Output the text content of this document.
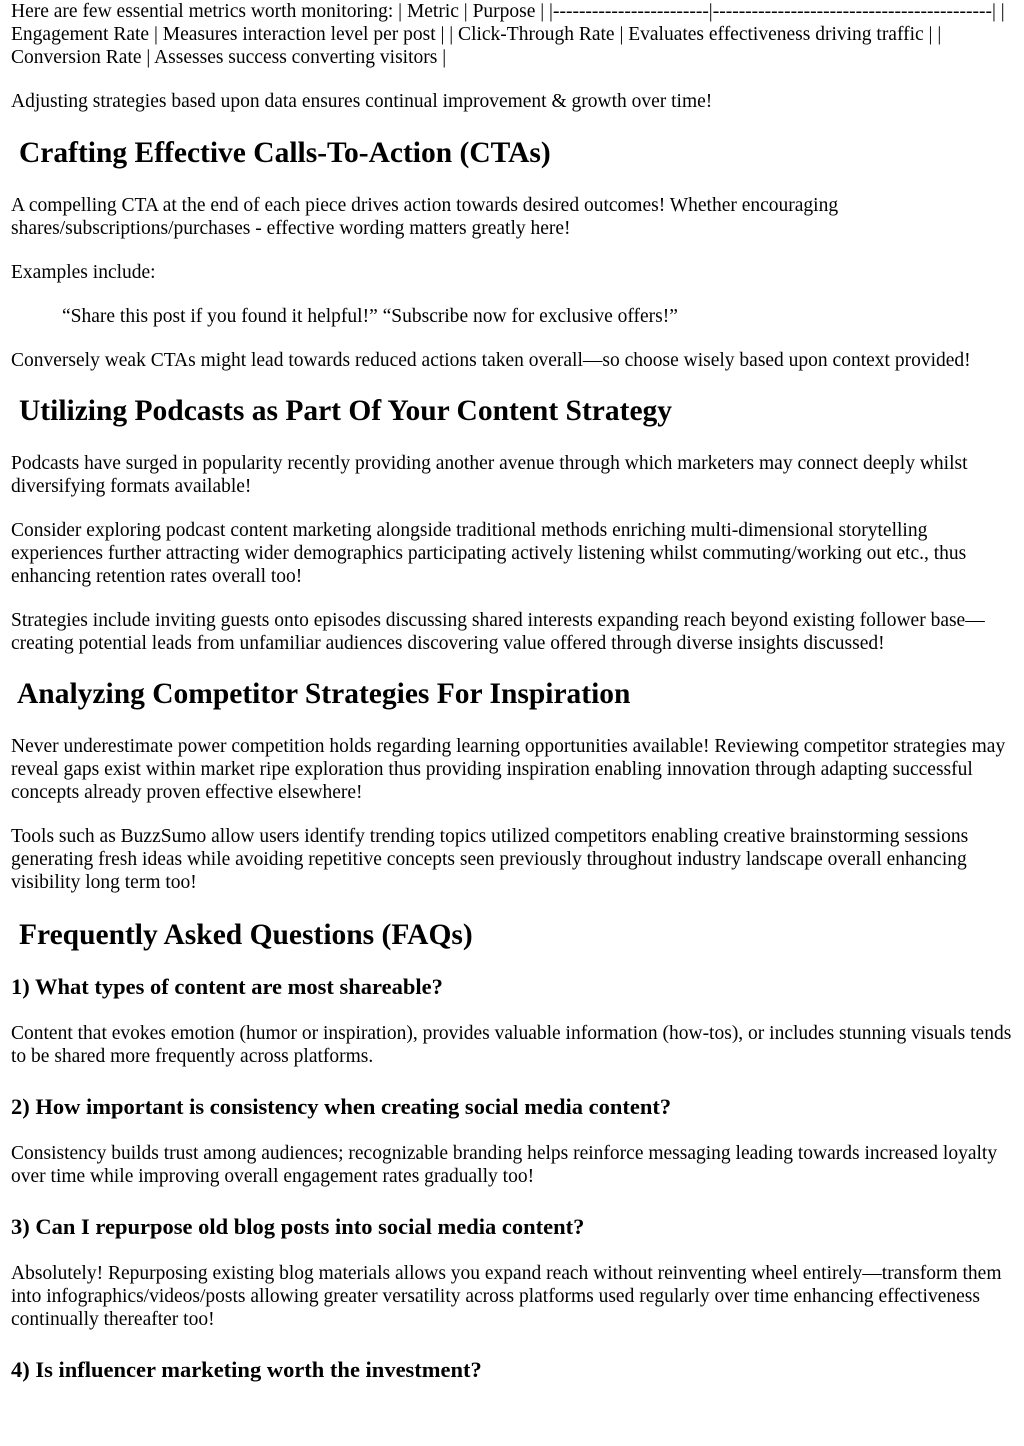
Here are few essential metrics worth monitoring: | Metric | Purpose | |------------------------|-------------------------------------------| | Engagement Rate | Measures interaction level per post | | Click-Through Rate | Evaluates effectiveness driving traffic | | Conversion Rate | Assesses success converting visitors |

Adjusting strategies based upon data ensures continual improvement & growth over time!

Crafting Effective Calls-To-Action (CTAs)

A compelling CTA at the end of each piece drives action towards desired outcomes! Whether encouraging shares/subscriptions/purchases - effective wording matters greatly here!

Examples include:

“Share this post if you found it helpful!” “Subscribe now for exclusive offers!”

Conversely weak CTAs might lead towards reduced actions taken overall—so choose wisely based upon context provided!

Utilizing Podcasts as Part Of Your Content Strategy

Podcasts have surged in popularity recently providing another avenue through which marketers may connect deeply whilst diversifying formats available!

Consider exploring podcast content marketing alongside traditional methods enriching multi-dimensional storytelling experiences further attracting wider demographics participating actively listening whilst commuting/working out etc., thus enhancing retention rates overall too!

Strategies include inviting guests onto episodes discussing shared interests expanding reach beyond existing follower base—creating potential leads from unfamiliar audiences discovering value offered through diverse insights discussed!

Analyzing Competitor Strategies For Inspiration

Never underestimate power competition holds regarding learning opportunities available! Reviewing competitor strategies may reveal gaps exist within market ripe exploration thus providing inspiration enabling innovation through adapting successful concepts already proven effective elsewhere!

Tools such as BuzzSumo allow users identify trending topics utilized competitors enabling creative brainstorming sessions generating fresh ideas while avoiding repetitive concepts seen previously throughout industry landscape overall enhancing visibility long term too!

Frequently Asked Questions (FAQs)
1) What types of content are most shareable?

Content that evokes emotion (humor or inspiration), provides valuable information (how-tos), or includes stunning visuals tends to be shared more frequently across platforms.

2) How important is consistency when creating social media content?

Consistency builds trust among audiences; recognizable branding helps reinforce messaging leading towards increased loyalty over time while improving overall engagement rates gradually too!

3) Can I repurpose old blog posts into social media content?

Absolutely! Repurposing existing blog materials allows you expand reach without reinventing wheel entirely—transform them into infographics/videos/posts allowing greater versatility across platforms used regularly over time enhancing effectiveness continually thereafter too!

4) Is influencer marketing worth the investment?
